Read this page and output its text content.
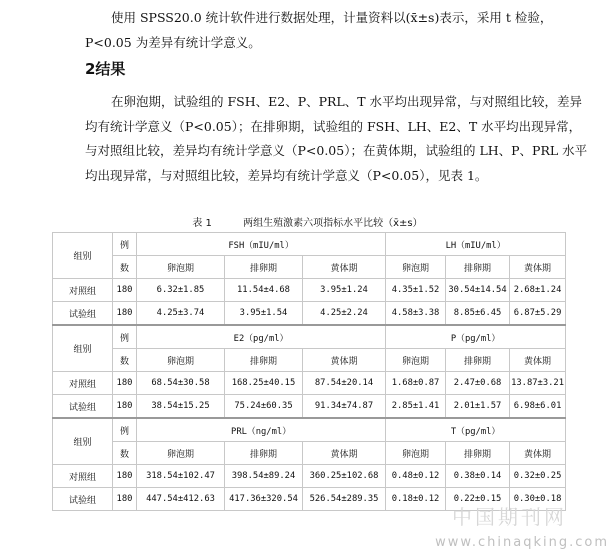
使用 SPSS20.0 统计软件进行数据处理，计量资料以(x̄±s)表示，采用 t 检验，P<0.05 为差异有统计学意义。
2结果
在卵泡期，试验组的 FSH、E2、P、PRL、T 水平均出现异常，与对照组比较，差异均有统计学意义（P<0.05）；在排卵期，试验组的 FSH、LH、E2、T 水平均出现异常，与对照组比较，差异均有统计学意义（P<0.05）；在黄体期，试验组的 LH、P、PRL 水平均出现异常，与对照组比较，差异均有统计学意义（P<0.05），见表 1。
表 1	两组生殖激素六项指标水平比较（x̄±s）
组别	例	FSH（mIU/ml）			LH（mIU/ml）		
	数	卵泡期	排卵期	黄体期	卵泡期	排卵期	黄体期
对照组	180	6.32±1.85	11.54±4.68	3.95±1.24	4.35±1.52	30.54±14.54	2.68±1.24
试验组	180	4.25±3.74	3.95±1.54	4.25±2.24	4.58±3.38	8.85±6.45	6.87±5.29
组别	例	E2（pg/ml）			P（pg/ml）		
	数	卵泡期	排卵期	黄体期	卵泡期	排卵期	黄体期
对照组	180	68.54±30.58	168.25±40.15	87.54±20.14	1.68±0.87	2.47±0.68	13.87±3.21
试验组	180	38.54±15.25	75.24±60.35	91.34±74.87	2.85±1.41	2.01±1.57	6.98±6.01
组别	例	PRL（ng/ml）			T（pg/ml）		
	数	卵泡期	排卵期	黄体期	卵泡期	排卵期	黄体期
对照组	180	318.54±102.47	398.54±89.24	360.25±102.68	0.48±0.12	0.38±0.14	0.32±0.25
试验组	180	447.54±412.63	417.36±320.54	526.54±289.35	0.18±0.12	0.22±0.15	0.30±0.18
中国期刊网
www.chinaqking.com
